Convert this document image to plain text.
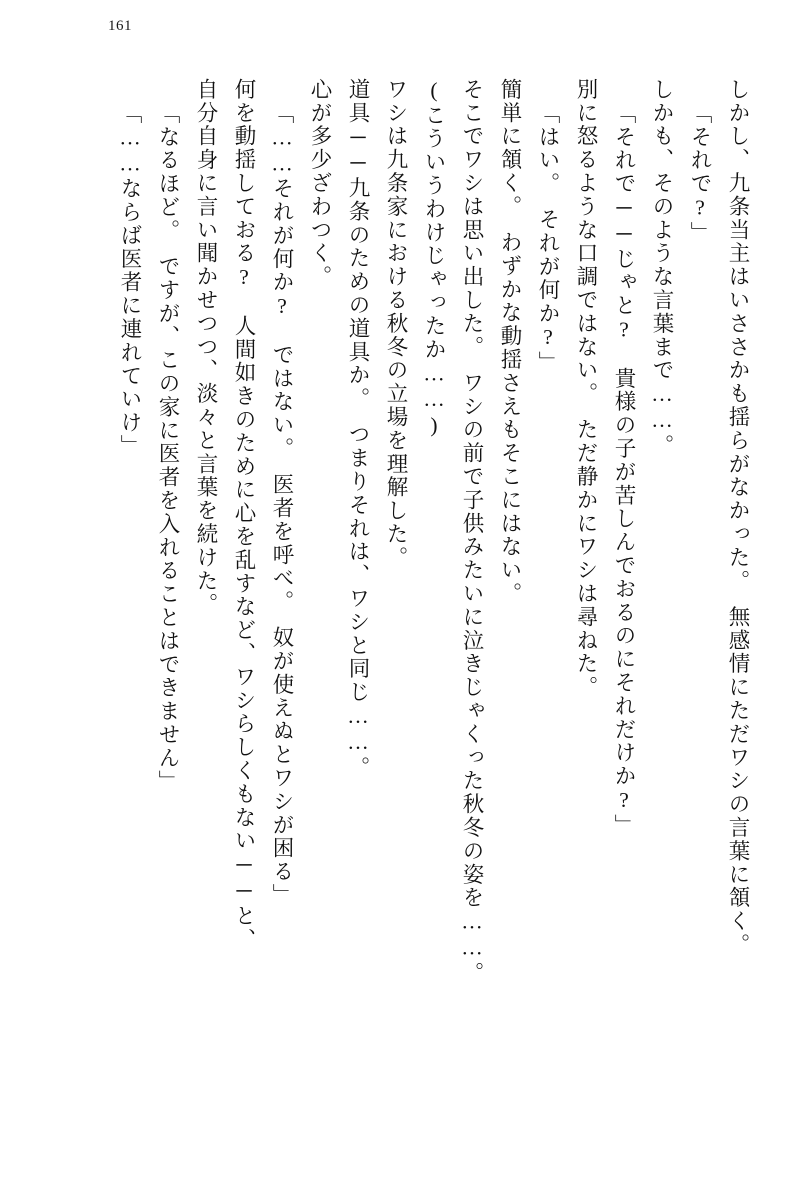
161
しかし、九条当主はいささかも揺らがなかった。　無感情にただワシの言葉に頷く。
「それで?」
しかも、そのような言葉まで……。
「それで──じゃと?　貴様の子が苦しんでおるのにそれだけか?」
別に怒るような口調ではない。　ただ静かにワシは尋ねた。
「はい。　それが何か?」
簡単に頷く。　わずかな動揺さえもそこにはない。
そこでワシは思い出した。　ワシの前で子供みたいに泣きじゃくった秋冬の姿を……。
(こういうわけじゃったか……)
ワシは九条家における秋冬の立場を理解した。
道具──九条のための道具か。　つまりそれは、ワシと同じ……。
心が多少ざわつく。
「……それが何か?　ではない。　医者を呼べ。　奴が使えぬとワシが困る」
何を動揺しておる?　人間如きのために心を乱すなど、ワシらしくもない──と、
自分自身に言い聞かせつつ、淡々と言葉を続けた。
「なるほど。　ですが、この家に医者を入れることはできません」
「……ならば医者に連れていけ」
